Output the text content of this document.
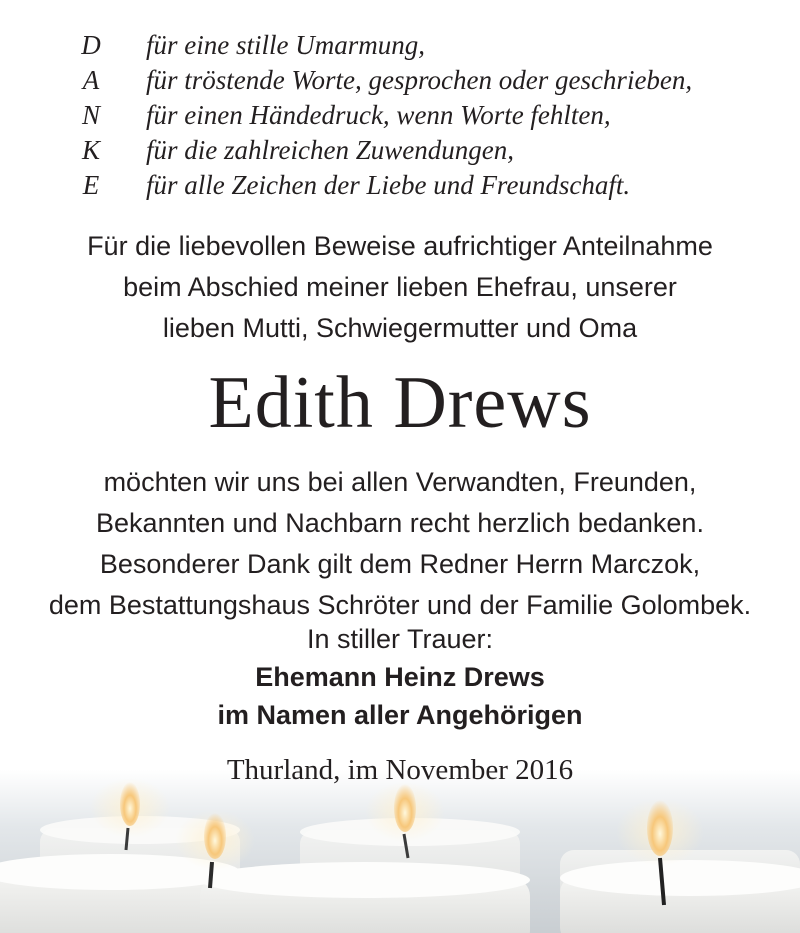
D für eine stille Umarmung,
A für tröstende Worte, gesprochen oder geschrieben,
N für einen Händedruck, wenn Worte fehlten,
K für die zahlreichen Zuwendungen,
E für alle Zeichen der Liebe und Freundschaft.
Für die liebevollen Beweise aufrichtiger Anteilnahme
beim Abschied meiner lieben Ehefrau, unserer
lieben Mutti, Schwiegermutter und Oma
Edith Drews
möchten wir uns bei allen Verwandten, Freunden,
Bekannten und Nachbarn recht herzlich bedanken.
Besonderer Dank gilt dem Redner Herrn Marczok,
dem Bestattungshaus Schröter und der Familie Golombek.
In stiller Trauer:
Ehemann Heinz Drews
im Namen aller Angehörigen
Thurland, im November 2016
